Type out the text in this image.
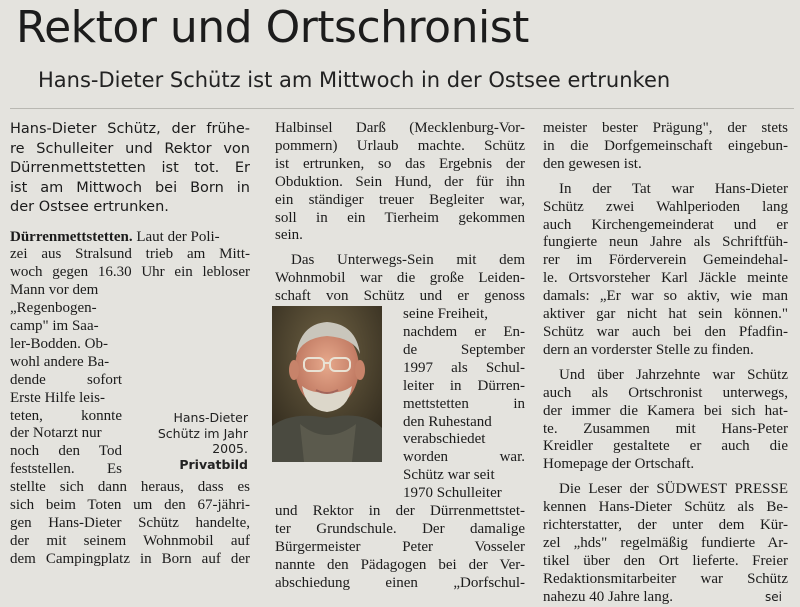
Rektor und Ortschronist
Hans-Dieter Schütz ist am Mittwoch in der Ostsee ertrunken
Hans-Dieter Schütz, der frühe-
re Schulleiter und Rektor von
Dürrenmettstetten ist tot. Er
ist am Mittwoch bei Born in
der Ostsee ertrunken.
Dürrenmettstetten. Laut der Poli-
zei aus Stralsund trieb am Mitt-
woch gegen 16.30 Uhr ein lebloser
Mann vor dem
„Regenbogen-
camp" im Saa-
ler-Bodden. Ob-
wohl andere Ba-
dende sofort
Erste Hilfe leis-
teten, konnte
der Notarzt nur
noch den Tod
feststellen. Es
stellte sich dann heraus, dass es
sich beim Toten um den 67-jähri-
gen Hans-Dieter Schütz handelte,
der mit seinem Wohnmobil auf
dem Campingplatz in Born auf der
Hans-Dieter Schütz im Jahr 2005. Privatbild
Halbinsel Darß (Mecklenburg-Vor-
pommern) Urlaub machte. Schütz
ist ertrunken, so das Ergebnis der
Obduktion. Sein Hund, der für ihn
ein ständiger treuer Begleiter war,
soll in ein Tierheim gekommen
sein.
Das Unterwegs-Sein mit dem
Wohnmobil war die große Leiden-
schaft von Schütz und er genoss
seine Freiheit,
nachdem er En-
de September
1997 als Schul-
leiter in Dürren-
mettstetten in
den Ruhestand
verabschiedet
worden war.
Schütz war seit
1970 Schulleiter
und Rektor in der Dürrenmettstet-
ter Grundschule. Der damalige
Bürgermeister Peter Vosseler
nannte den Pädagogen bei der Ver-
abschiedung einen „Dorfschul-
meister bester Prägung", der stets
in die Dorfgemeinschaft eingebun-
den gewesen ist.
In der Tat war Hans-Dieter
Schütz zwei Wahlperioden lang
auch Kirchengemeinderat und er
fungierte neun Jahre als Schriftfüh-
rer im Förderverein Gemeindehal-
le. Ortsvorsteher Karl Jäckle meinte
damals: „Er war so aktiv, wie man
aktiver gar nicht hat sein können."
Schütz war auch bei den Pfadfin-
dern an vorderster Stelle zu finden.
Und über Jahrzehnte war Schütz
auch als Ortschronist unterwegs,
der immer die Kamera bei sich hat-
te. Zusammen mit Hans-Peter
Kreidler gestaltete er auch die
Homepage der Ortschaft.
Die Leser der SÜDWEST PRESSE
kennen Hans-Dieter Schütz als Be-
richterstatter, der unter dem Kür-
zel „hds" regelmäßig fundierte Ar-
tikel über den Ort lieferte. Freier
Redaktionsmitarbeiter war Schütz
nahezu 40 Jahre lang.	sei
